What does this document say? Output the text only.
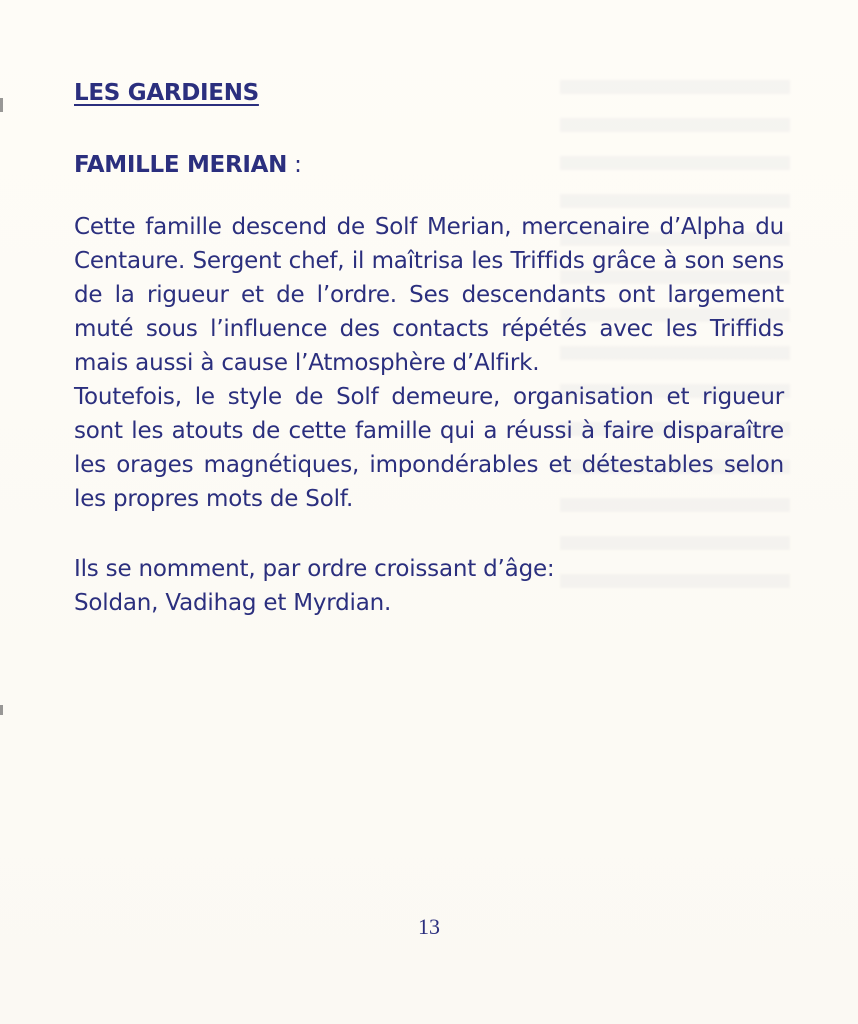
LES GARDIENS
FAMILLE MERIAN :

Cette famille descend de Solf Merian, mercenaire d’Alpha du Centaure. Sergent chef, il maîtrisa les Triffids grâce à son sens de la rigueur et de l’ordre. Ses descendants ont largement muté sous l’influence des contacts répétés avec les Triffids mais aussi à cause l’Atmosphère d’Alfirk.

Toutefois, le style de Solf demeure, organisation et rigueur sont les atouts de cette famille qui a réussi à faire disparaître les orages magnétiques, impondérables et détestables selon les propres mots de Solf.

Ils se nomment, par ordre croissant d’âge:

Soldan, Vadihag et Myrdian.

13
